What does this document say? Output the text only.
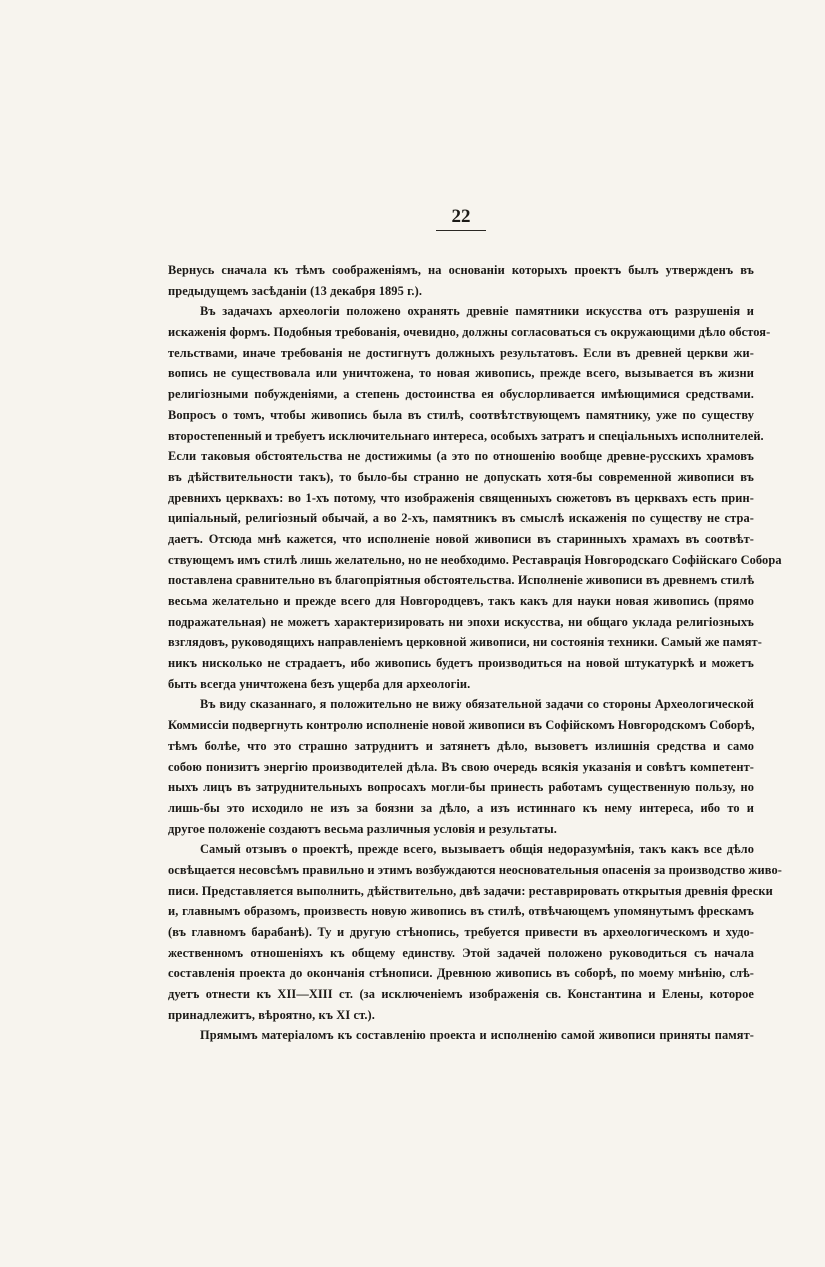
22
Вернусь сначала къ тѣмъ соображеніямъ, на основаніи которыхъ проектъ былъ утвержденъ въ
предыдущемъ засѣданіи (13 декабря 1895 г.).
Въ задачахъ археологіи положено охранять древніе памятники искусства отъ разрушенія и
искаженія формъ. Подобныя требованія, очевидно, должны согласоваться съ окружающими дѣло обстоя-
тельствами, иначе требованія не достигнутъ должныхъ результатовъ. Если въ древней церкви жи-
вопись не существовала или уничтожена, то новая живопись, прежде всего, вызывается въ жизни
религіозными побужденіями, а степень достоинства ея обуслорливается имѣющимися средствами.
Вопросъ о томъ, чтобы живопись была въ стилѣ, соотвѣтствующемъ памятнику, уже по существу
второстепенный и требуетъ исключительнаго интереса, особыхъ затратъ и спеціальныхъ исполнителей.
Если таковыя обстоятельства не достижимы (а это по отношенію вообще древне-русскихъ храмовъ
въ дѣйствительности такъ), то было-бы странно не допускать хотя-бы современной живописи въ
древнихъ церквахъ: во 1-хъ потому, что изображенія священныхъ сюжетовъ въ церквахъ есть прин-
ципіальный, религіозный обычай, а во 2-хъ, памятникъ въ смыслѣ искаженія по существу не стра-
даетъ. Отсюда мнѣ кажется, что исполненіе новой живописи въ старинныхъ храмахъ въ соотвѣт-
ствующемъ имъ стилѣ лишь желательно, но не необходимо. Реставрація Новгородскаго Софійскаго Собора
поставлена сравнительно въ благопріятныя обстоятельства. Исполненіе живописи въ древнемъ стилѣ
весьма желательно и прежде всего для Новгородцевъ, такъ какъ для науки новая живопись (прямо
подражательная) не можетъ характеризировать ни эпохи искусства, ни общаго уклада религіозныхъ
взглядовъ, руководящихъ направленіемъ церковной живописи, ни состоянія техники. Самый же памят-
никъ нисколько не страдаетъ, ибо живопись будетъ производиться на новой штукатуркѣ и можетъ
быть всегда уничтожена безъ ущерба для археологіи.
Въ виду сказаннаго, я положительно не вижу обязательной задачи со стороны Археологической
Коммиссіи подвергнуть контролю исполненіе новой живописи въ Софійскомъ Новгородскомъ Соборѣ,
тѣмъ болѣе, что это страшно затруднитъ и затянетъ дѣло, вызоветъ излишнія средства и само
собою понизитъ энергію производителей дѣла. Въ свою очередь всякія указанія и совѣтъ компетент-
ныхъ лицъ въ затруднительныхъ вопросахъ могли-бы принесть работамъ существенную пользу, но
лишь-бы это исходило не изъ за боязни за дѣло, а изъ истиннаго къ нему интереса, ибо то и
другое положеніе создаютъ весьма различныя условія и результаты.
Самый отзывъ о проектѣ, прежде всего, вызываетъ общія недоразумѣнія, такъ какъ все дѣло
освѣщается несовсѣмъ правильно и этимъ возбуждаются неосновательныя опасенія за производство живо-
писи. Представляется выполнить, дѣйствительно, двѣ задачи: реставрировать открытыя древнія фрески
и, главнымъ образомъ, произвесть новую живопись въ стилѣ, отвѣчающемъ упомянутымъ фрескамъ
(въ главномъ барабанѣ). Ту и другую стѣнопись, требуется привести въ археологическомъ и худо-
жественномъ отношеніяхъ къ общему единству. Этой задачей положено руководиться съ начала
составленія проекта до окончанія стѣнописи. Древнюю живопись въ соборѣ, по моему мнѣнію, слѣ-
дуетъ отнести къ XII—XIII ст. (за исключеніемъ изображенія св. Константина и Елены, которое
принадлежитъ, вѣроятно, къ XI ст.).
Прямымъ матеріаломъ къ составленію проекта и исполненію самой живописи приняты памят-
